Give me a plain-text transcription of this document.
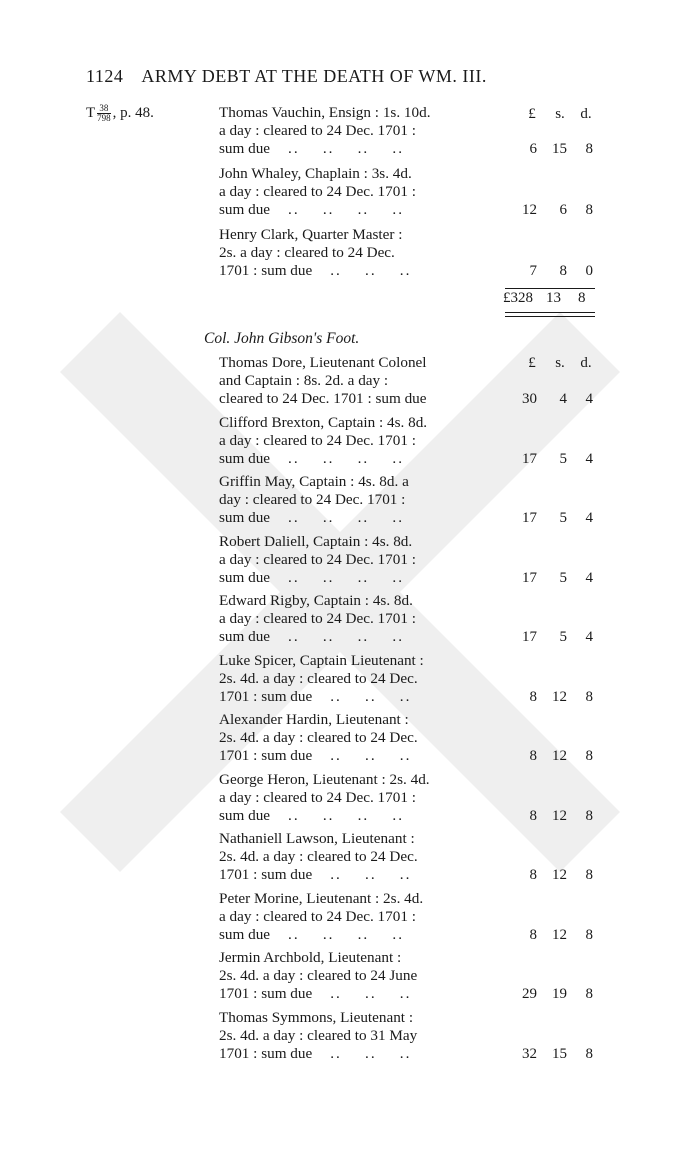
1124 ARMY DEBT AT THE DEATH OF WM. III.
T $\frac{38}{798}$ , p. 48.	£	s.	d.
Thomas Vauchin, Ensign : 1s. 10d.
a day : cleared to 24 Dec. 1701 :
sum due ..    ..    ..    ..	6 15 8
John Whaley, Chaplain : 3s. 4d.
a day : cleared to 24 Dec. 1701 :
sum due ..    ..    ..    ..	12 6 8
Henry Clark, Quarter Master :
2s. a day : cleared to 24 Dec.
1701 : sum due ..    ..    ..	7 8 0
£328 13 8
Col. John Gibson's Foot.
£	s.	d.
Thomas Dore, Lieutenant Colonel
and Captain : 8s. 2d. a day :
cleared to 24 Dec. 1701 : sum due	30 4 4
Clifford Brexton, Captain : 4s. 8d.
a day : cleared to 24 Dec. 1701 :
sum due ..    ..    ..    ..	17 5 4
Griffin May, Captain : 4s. 8d. a
day : cleared to 24 Dec. 1701 :
sum due ..    ..    ..    ..	17 5 4
Robert Daliell, Captain : 4s. 8d.
a day : cleared to 24 Dec. 1701 :
sum due ..    ..    ..    ..	17 5 4
Edward Rigby, Captain : 4s. 8d.
a day : cleared to 24 Dec. 1701 :
sum due ..    ..    ..    ..	17 5 4
Luke Spicer, Captain Lieutenant :
2s. 4d. a day : cleared to 24 Dec.
1701 : sum due ..    ..    ..	8 12 8
Alexander Hardin, Lieutenant :
2s. 4d. a day : cleared to 24 Dec.
1701 : sum due ..    ..    ..	8 12 8
George Heron, Lieutenant : 2s. 4d.
a day : cleared to 24 Dec. 1701 :
sum due ..    ..    ..    ..	8 12 8
Nathaniell Lawson, Lieutenant :
2s. 4d. a day : cleared to 24 Dec.
1701 : sum due ..    ..    ..	8 12 8
Peter Morine, Lieutenant : 2s. 4d.
a day : cleared to 24 Dec. 1701 :
sum due ..    ..    ..    ..	8 12 8
Jermin Archbold, Lieutenant :
2s. 4d. a day : cleared to 24 June
1701 : sum due ..    ..    ..	29 19 8
Thomas Symmons, Lieutenant :
2s. 4d. a day : cleared to 31 May
1701 : sum due ..    ..    ..	32 15 8
